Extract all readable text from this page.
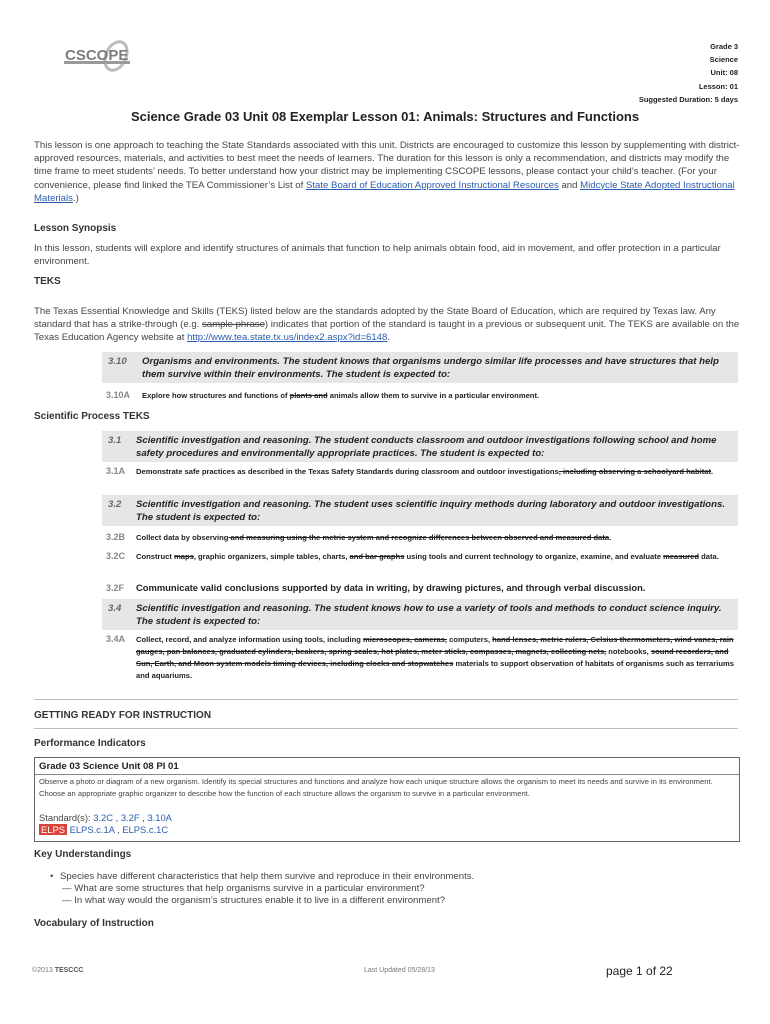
CSCOPE
Grade 3
Science
Unit: 08
Lesson: 01
Suggested Duration: 5 days
Science Grade 03 Unit 08 Exemplar Lesson 01: Animals: Structures and Functions
This lesson is one approach to teaching the State Standards associated with this unit. Districts are encouraged to customize this lesson by supplementing with district-approved resources, materials, and activities to best meet the needs of learners. The duration for this lesson is only a recommendation, and districts may modify the time frame to meet students’ needs. To better understand how your district may be implementing CSCOPE lessons, please contact your child’s teacher. (For your convenience, please find linked the TEA Commissioner’s List of State Board of Education Approved Instructional Resources and Midcycle State Adopted Instructional Materials.)
Lesson Synopsis
In this lesson, students will explore and identify structures of animals that function to help animals obtain food, aid in movement, and offer protection in a particular environment.
TEKS
The Texas Essential Knowledge and Skills (TEKS) listed below are the standards adopted by the State Board of Education, which are required by Texas law. Any standard that has a strike-through (e.g. sample phrase) indicates that portion of the standard is taught in a previous or subsequent unit. The TEKS are available on the Texas Education Agency website at http://www.tea.state.tx.us/index2.aspx?id=6148.
3.10 Organisms and environments. The student knows that organisms undergo similar life processes and have structures that help them survive within their environments. The student is expected to:
3.10A Explore how structures and functions of plants and animals allow them to survive in a particular environment.
Scientific Process TEKS
3.1 Scientific investigation and reasoning. The student conducts classroom and outdoor investigations following school and home safety procedures and environmentally appropriate practices. The student is expected to:
3.1A Demonstrate safe practices as described in the Texas Safety Standards during classroom and outdoor investigations, including observing a schoolyard habitat.
3.2 Scientific investigation and reasoning. The student uses scientific inquiry methods during laboratory and outdoor investigations. The student is expected to:
3.2B Collect data by observing and measuring using the metric system and recognize differences between observed and measured data.
3.2C Construct maps, graphic organizers, simple tables, charts, and bar graphs using tools and current technology to organize, examine, and evaluate measured data.
3.2F Communicate valid conclusions supported by data in writing, by drawing pictures, and through verbal discussion.
3.4 Scientific investigation and reasoning. The student knows how to use a variety of tools and methods to conduct science inquiry. The student is expected to:
3.4A Collect, record, and analyze information using tools, including microscopes, cameras, computers, hand lenses, metric rulers, Celsius thermometers, wind vanes, rain gauges, pan balances, graduated cylinders, beakers, spring scales, hot plates, meter sticks, compasses, magnets, collecting nets, notebooks, sound recorders, and Sun, Earth, and Moon system models timing devices, including clocks and stopwatches materials to support observation of habitats of organisms such as terrariums and aquariums.
GETTING READY FOR INSTRUCTION
Performance Indicators
Grade 03 Science Unit 08 PI 01
Observe a photo or diagram of a new organism. Identify its special structures and functions and analyze how each unique structure allows the organism to meet its needs and survive in its environment. Choose an appropriate graphic organizer to describe how the function of each structure allows the organism to survive in a particular environment.
Standard(s): 3.2C , 3.2F , 3.10A
ELPS ELPS.c.1A , ELPS.c.1C
Key Understandings
• Species have different characteristics that help them survive and reproduce in their environments.
— What are some structures that help organisms survive in a particular environment?
— In what way would the organism’s structures enable it to live in a different environment?
Vocabulary of Instruction
©2013 TESCCC	Last Updated 05/28/13	page 1 of 22
